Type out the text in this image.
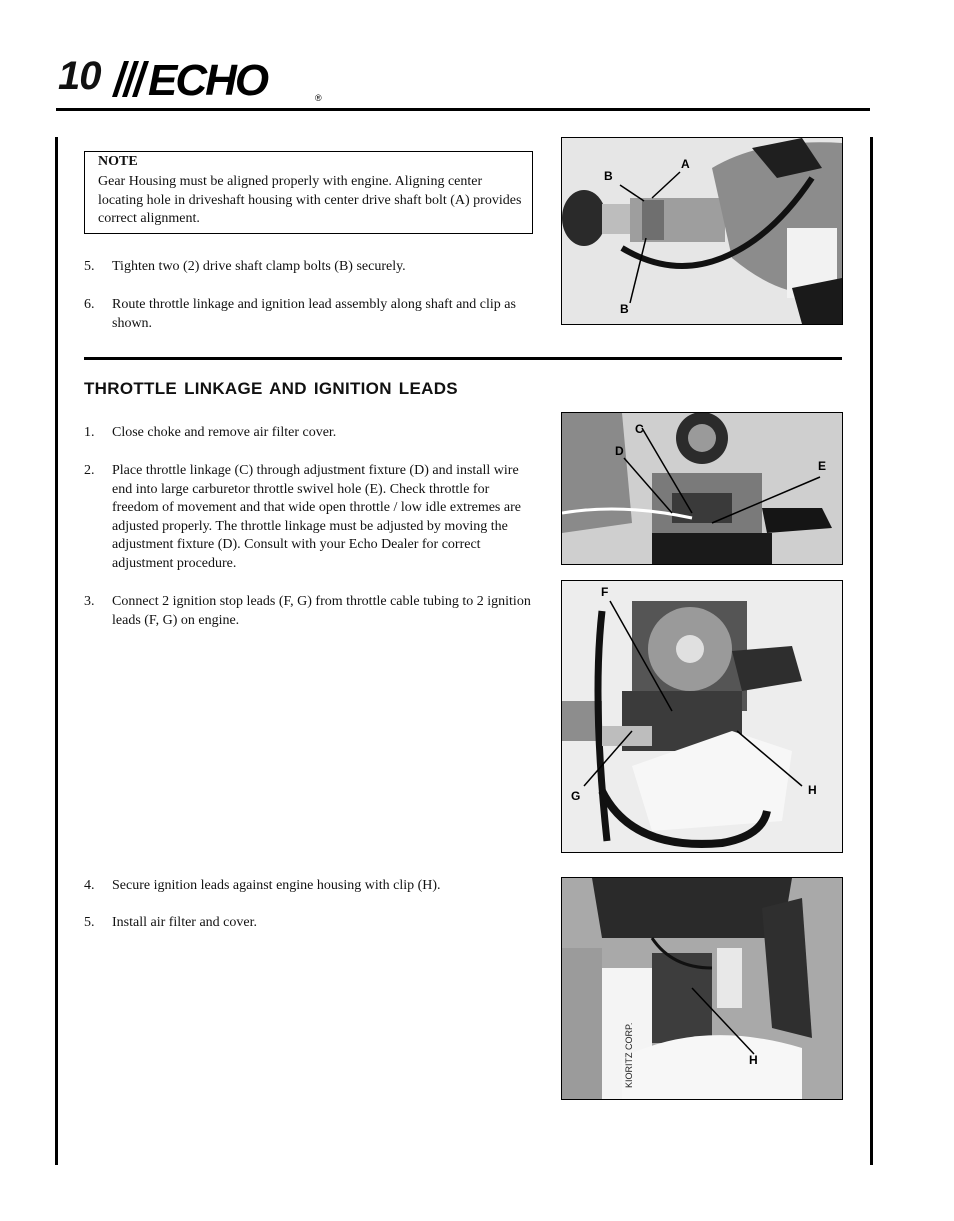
10 ECHO	®
NOTE
Gear Housing must be aligned properly with engine. Aligning center locating hole in driveshaft housing with center drive shaft bolt (A) provides correct alignment.
5.	Tighten two (2) drive shaft clamp bolts (B) securely.
6.	Route throttle linkage and ignition lead assembly along shaft and clip as shown.
A
B
B
THROTTLE LINKAGE AND IGNITION LEADS
1.	Close choke and remove air filter cover.
2.	Place throttle linkage (C) through adjustment fixture (D) and install wire end into large carburetor throttle swivel hole (E). Check throttle for freedom of movement and that wide open throttle / low idle extremes are adjusted properly. The throttle linkage must be adjusted by moving the adjustment fixture (D). Consult with your Echo Dealer for correct adjustment procedure.
3.	Connect 2 ignition stop leads (F, G) from throttle cable tubing to 2 ignition leads (F, G) on engine.
C
D
E
F
G	H
4.	Secure ignition leads against engine housing with clip (H).
5.	Install air filter and cover.
KIORITZ CORP.	H
